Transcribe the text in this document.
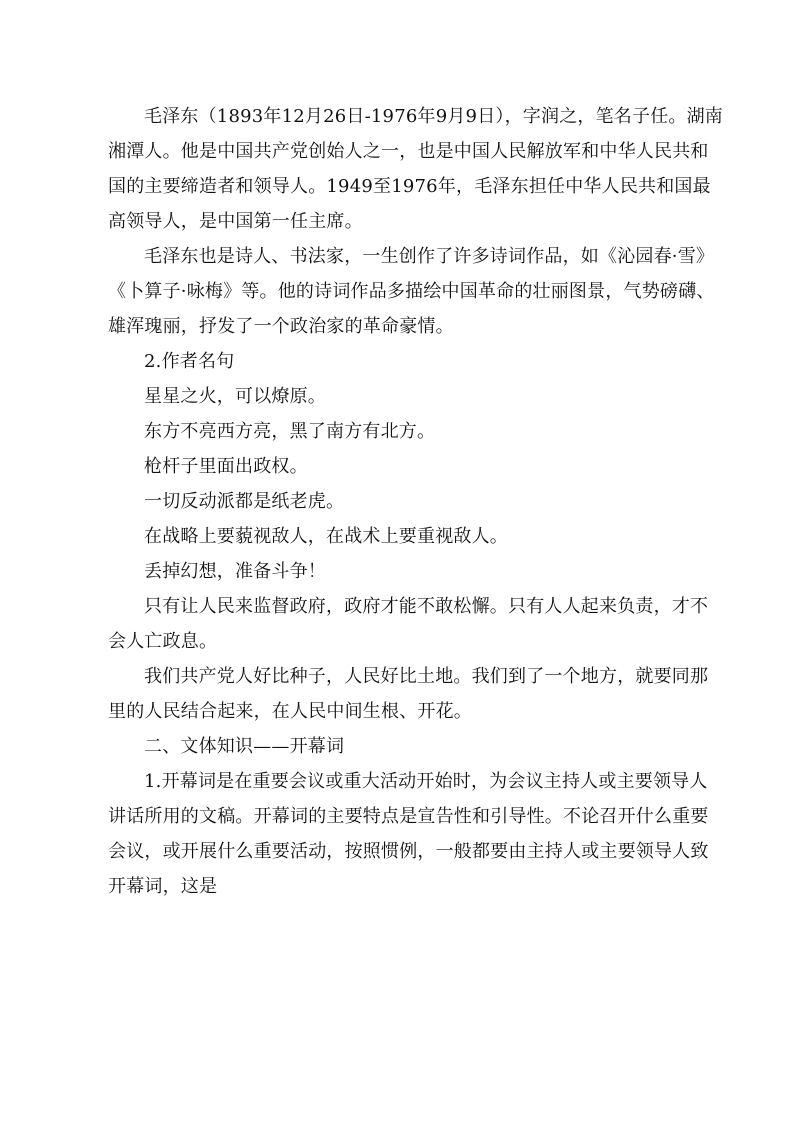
毛泽东（1893年12月26日-1976年9月9日），字润之，笔名子任。湖南湘潭人。他是中国共产党创始人之一，也是中国人民解放军和中华人民共和国的主要缔造者和领导人。1949至1976年，毛泽东担任中华人民共和国最高领导人，是中国第一任主席。

毛泽东也是诗人、书法家，一生创作了许多诗词作品，如《沁园春·雪》《卜算子·咏梅》等。他的诗词作品多描绘中国革命的壮丽图景，气势磅礴、雄浑瑰丽，抒发了一个政治家的革命豪情。

2.作者名句

星星之火，可以燎原。

东方不亮西方亮，黑了南方有北方。

枪杆子里面出政权。

一切反动派都是纸老虎。

在战略上要藐视敌人，在战术上要重视敌人。

丢掉幻想，准备斗争！

只有让人民来监督政府，政府才能不敢松懈。只有人人起来负责，才不会人亡政息。

我们共产党人好比种子，人民好比土地。我们到了一个地方，就要同那里的人民结合起来，在人民中间生根、开花。

二、文体知识——开幕词

1.开幕词是在重要会议或重大活动开始时，为会议主持人或主要领导人讲话所用的文稿。开幕词的主要特点是宣告性和引导性。不论召开什么重要会议，或开展什么重要活动，按照惯例，一般都要由主持人或主要领导人致开幕词，这是
